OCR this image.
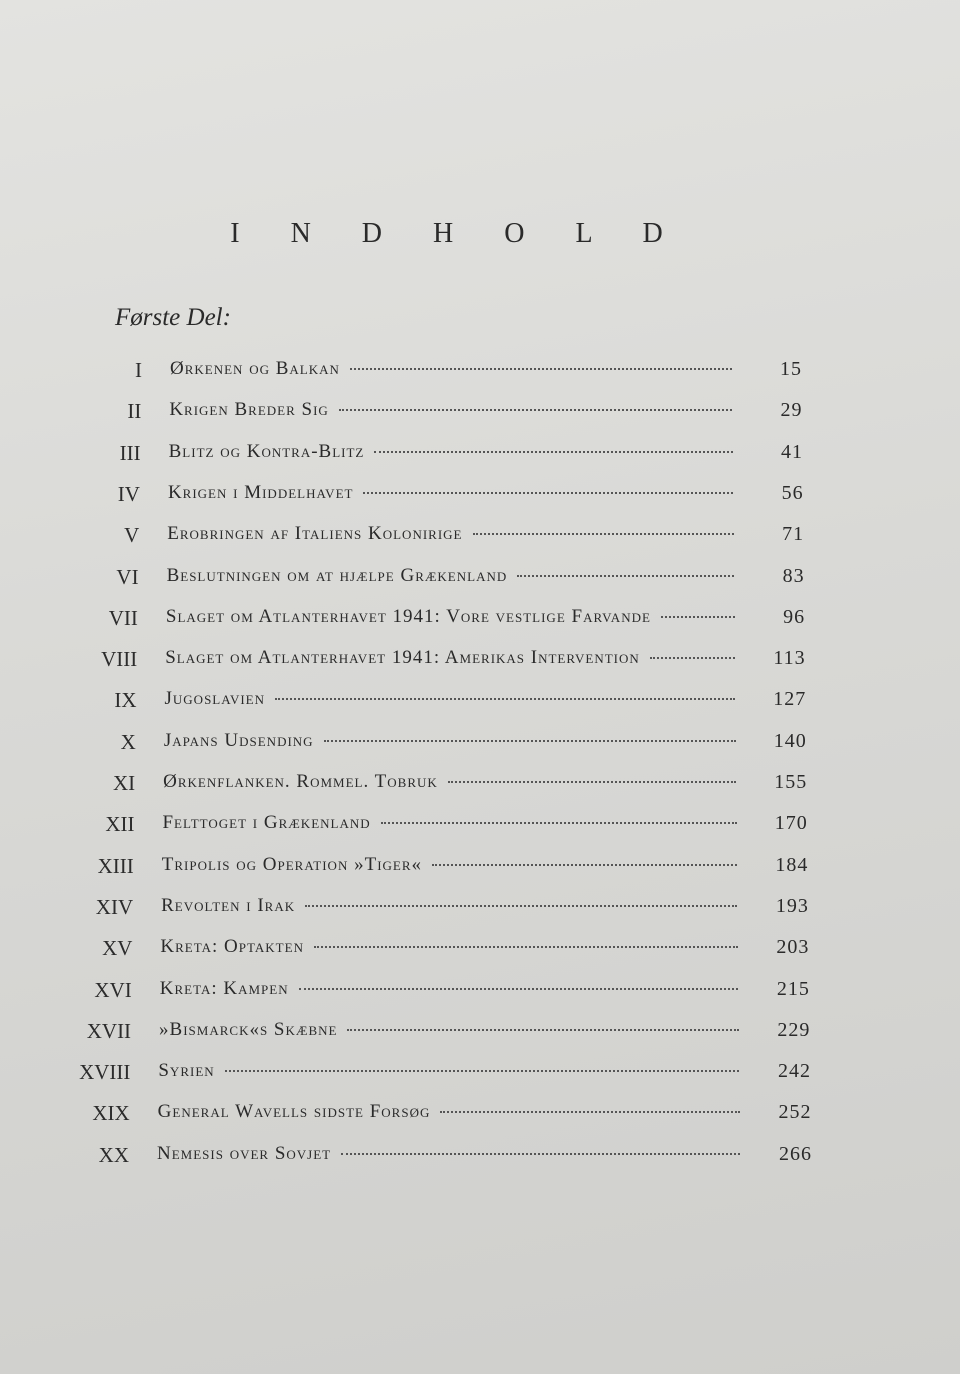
I N D H O L D
Første Del:
I Ørkenen og Balkan	15
II Krigen Breder Sig	29
III Blitz og Kontra-Blitz	41
IV Krigen i Middelhavet	56
V Erobringen af Italiens Kolonirige	71
VI Beslutningen om at hjælpe Grækenland	83
VII Slaget om Atlanterhavet 1941: Vore vestlige Farvande	96
VIII Slaget om Atlanterhavet 1941: Amerikas Intervention	113
IX Jugoslavien	127
X Japans Udsending	140
XI Ørkenflanken. Rommel. Tobruk	155
XII Felttoget i Grækenland	170
XIII Tripolis og Operation »Tiger«	184
XIV Revolten i Irak	193
XV Kreta: Optakten	203
XVI Kreta: Kampen	215
XVII »Bismarck«s Skæbne	229
XVIII Syrien	242
XIX General Wavells sidste Forsøg	252
XX Nemesis over Sovjet	266
